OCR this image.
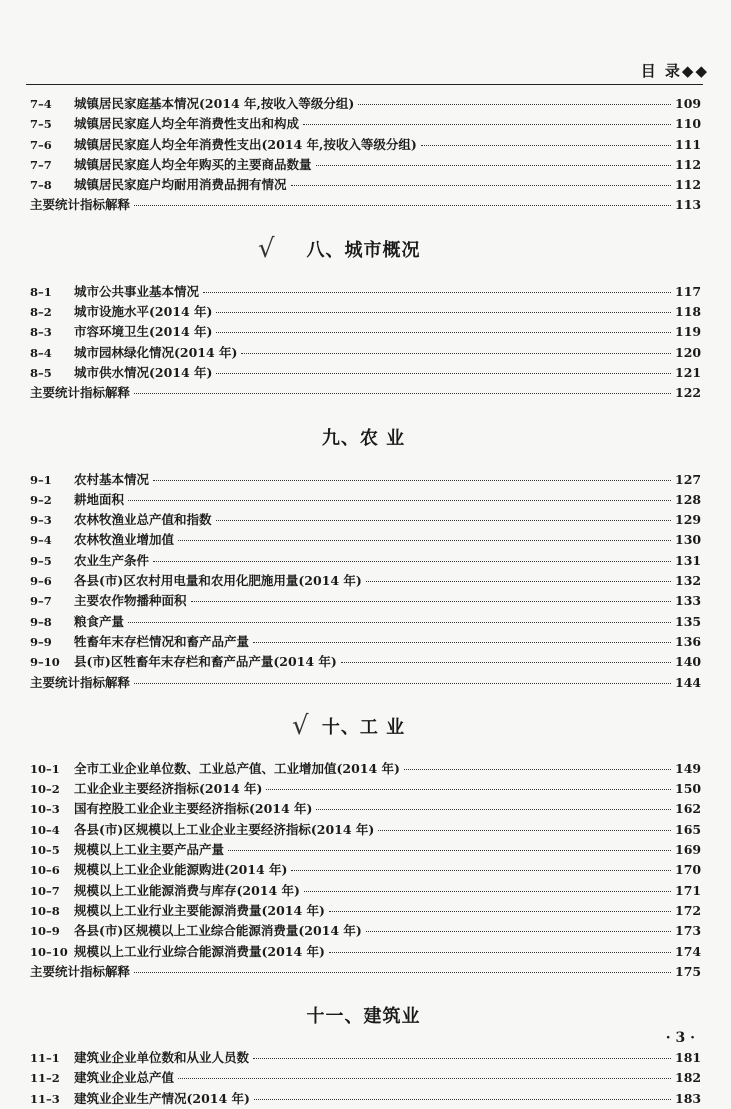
目 录◆◆
7–4	城镇居民家庭基本情况(2014 年,按收入等级分组)	109
7–5	城镇居民家庭人均全年消费性支出和构成	110
7–6	城镇居民家庭人均全年消费性支出(2014 年,按收入等级分组)	111
7–7	城镇居民家庭人均全年购买的主要商品数量	112
7–8	城镇居民家庭户均耐用消费品拥有情况	112
主要统计指标解释	113
八、城市概况
√
8–1	城市公共事业基本情况	117
8–2	城市设施水平(2014 年)	118
8–3	市容环境卫生(2014 年)	119
8–4	城市园林绿化情况(2014 年)	120
8–5	城市供水情况(2014 年)	121
主要统计指标解释	122
九、农 业
9–1	农村基本情况	127
9–2	耕地面积	128
9–3	农林牧渔业总产值和指数	129
9–4	农林牧渔业增加值	130
9–5	农业生产条件	131
9–6	各县(市)区农村用电量和农用化肥施用量(2014 年)	132
9–7	主要农作物播种面积	133
9–8	粮食产量	135
9–9	牲畜年末存栏情况和畜产品产量	136
9–10	县(市)区牲畜年末存栏和畜产品产量(2014 年)	140
主要统计指标解释	144
十、工 业
√
10–1	全市工业企业单位数、工业总产值、工业增加值(2014 年)	149
10–2	工业企业主要经济指标(2014 年)	150
10–3	国有控股工业企业主要经济指标(2014 年)	162
10–4	各县(市)区规模以上工业企业主要经济指标(2014 年)	165
10–5	规模以上工业主要产品产量	169
10–6	规模以上工业企业能源购进(2014 年)	170
10–7	规模以上工业能源消费与库存(2014 年)	171
10–8	规模以上工业行业主要能源消费量(2014 年)	172
10–9	各县(市)区规模以上工业综合能源消费量(2014 年)	173
10–10 规模以上工业行业综合能源消费量(2014 年)	174
主要统计指标解释	175
十一、建筑业
11–1	建筑业企业单位数和从业人员数	181
11–2	建筑业企业总产值	182
11–3	建筑业企业生产情况(2014 年)	183
· 3 ·
